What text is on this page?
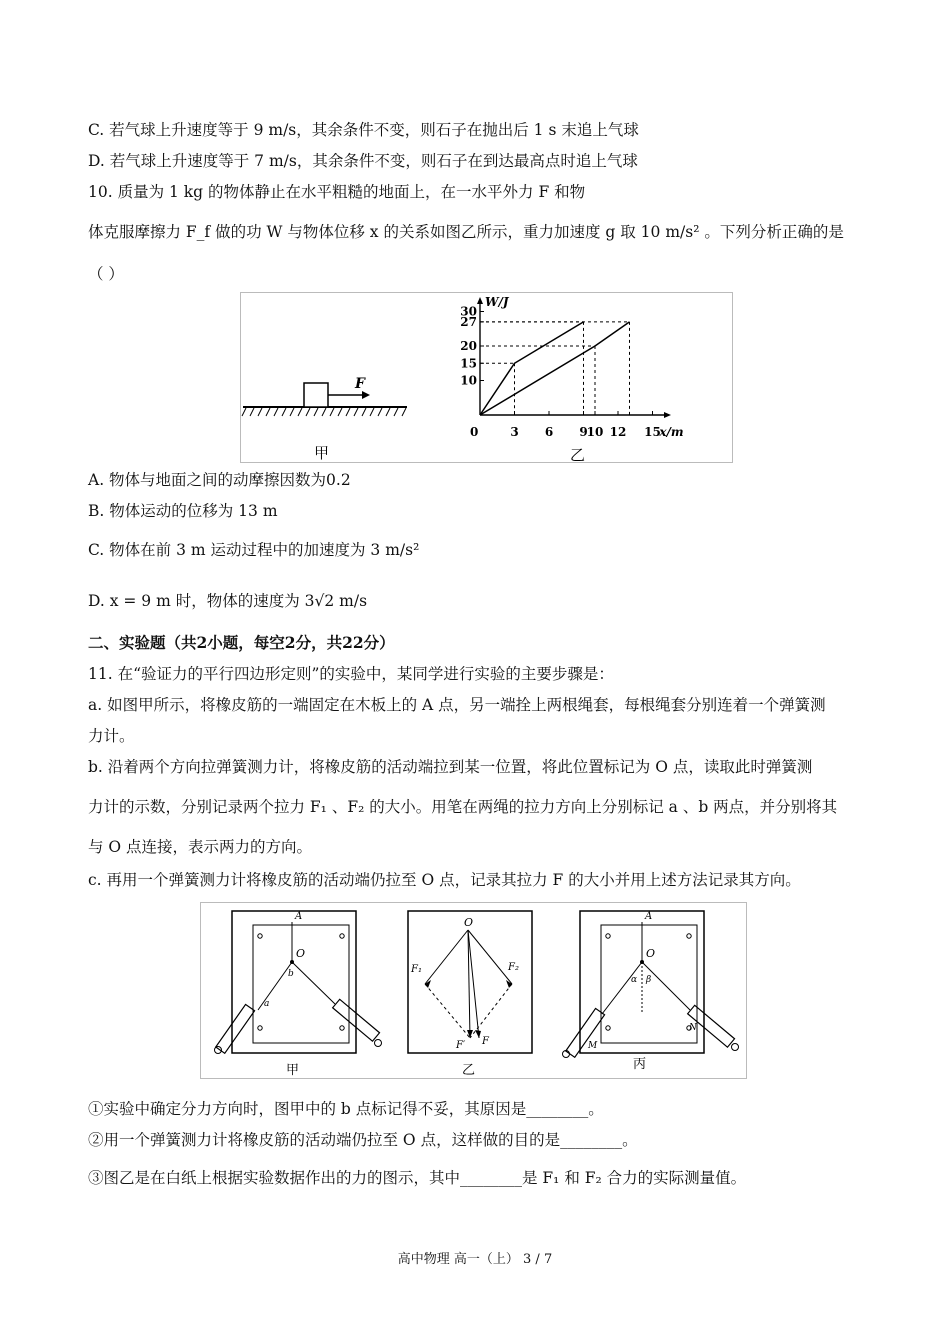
C. 若气球上升速度等于 9 m/s，其余条件不变，则石子在抛出后 1 s 末追上气球
D. 若气球上升速度等于 7 m/s，其余条件不变，则石子在到达最高点时追上气球
10. 质量为 1 kg 的物体静止在水平粗糙的地面上，在一水平外力 F 和物
体克服摩擦力 F_f 做的功 W 与物体位移 x 的关系如图乙所示，重力加速度 g 取 10 m/s² 。下列分析正确的是
（ ）
F
甲
W/J
x/m
30
27
20
15
10
0	3 6 9
10 12 15
乙
A. 物体与地面之间的动摩擦因数为0.2
B. 物体运动的位移为 13 m
C. 物体在前 3 m 运动过程中的加速度为 3 m/s²
D. x = 9 m 时，物体的速度为 3√2 m/s
二、实验题（共2小题，每空2分，共22分）
11. 在“验证力的平行四边形定则”的实验中，某同学进行实验的主要步骤是：
a. 如图甲所示，将橡皮筋的一端固定在木板上的 A 点，另一端拴上两根绳套，每根绳套分别连着一个弹簧测
力计。
b. 沿着两个方向拉弹簧测力计，将橡皮筋的活动端拉到某一位置，将此位置标记为 O 点，读取此时弹簧测
力计的示数，分别记录两个拉力 F₁ 、F₂ 的大小。用笔在两绳的拉力方向上分别标记 a 、b 两点，并分别将其
与 O 点连接，表示两力的方向。
c. 再用一个弹簧测力计将橡皮筋的活动端仍拉至 O 点，记录其拉力 F 的大小并用上述方法记录其方向。
A
O
b
a
甲
O
F₁	F₂
F′ F
乙
A
O
α β
M
N
丙
①实验中确定分力方向时，图甲中的 b 点标记得不妥，其原因是________。
②用一个弹簧测力计将橡皮筋的活动端仍拉至 O 点，这样做的目的是________。
③图乙是在白纸上根据实验数据作出的力的图示，其中________是 F₁ 和 F₂ 合力的实际测量值。
高中物理 高一（上） 3 / 7
